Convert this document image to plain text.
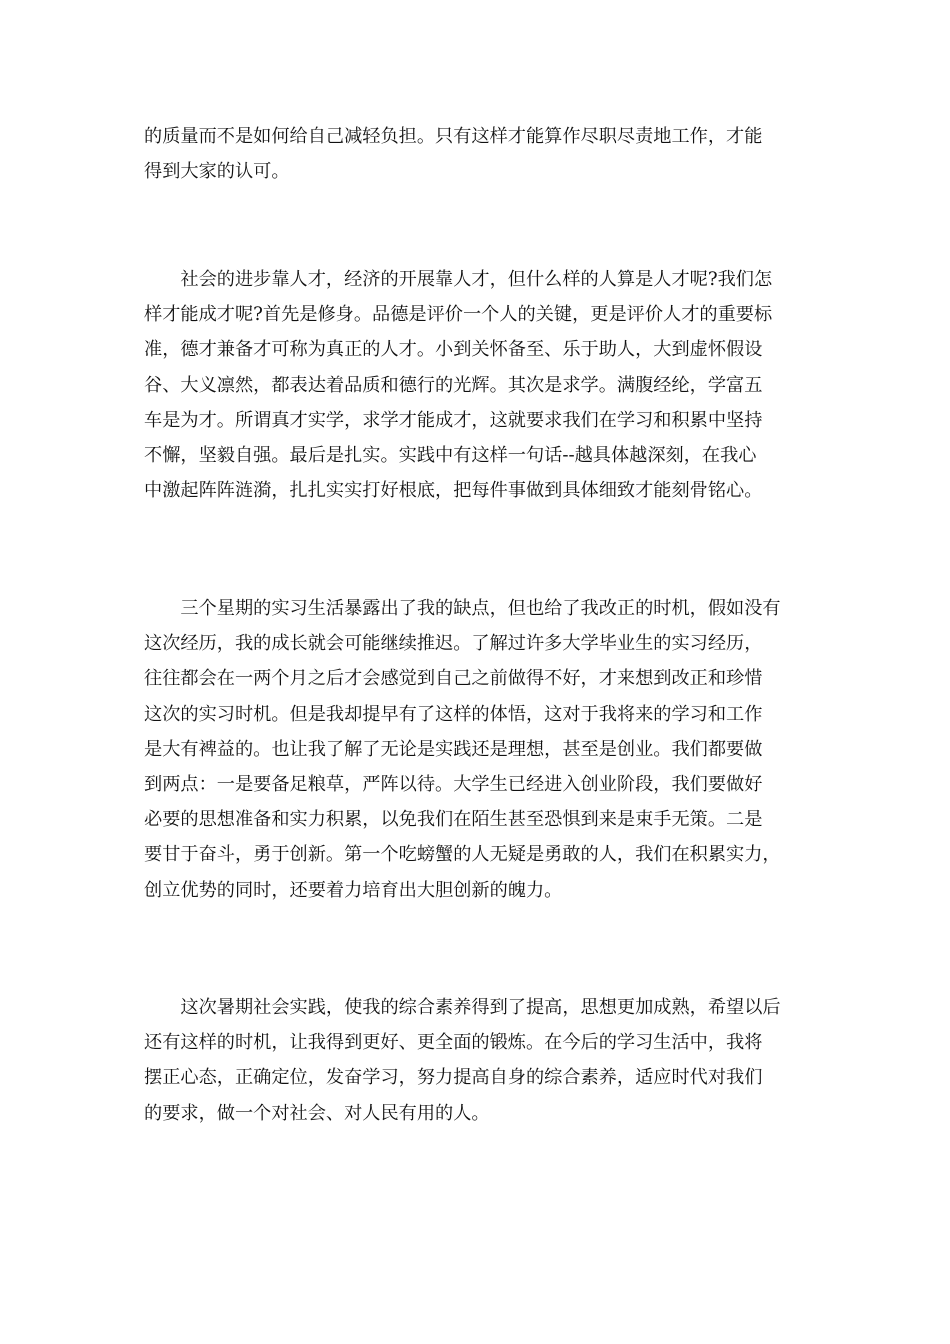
的质量而不是如何给自己减轻负担。只有这样才能算作尽职尽责地工作，才能
得到大家的认可。

　　社会的进步靠人才，经济的开展靠人才，但什么样的人算是人才呢?我们怎
样才能成才呢?首先是修身。品德是评价一个人的关键，更是评价人才的重要标
准，德才兼备才可称为真正的人才。小到关怀备至、乐于助人，大到虚怀假设
谷、大义凛然，都表达着品质和德行的光辉。其次是求学。满腹经纶，学富五
车是为才。所谓真才实学，求学才能成才，这就要求我们在学习和积累中坚持
不懈，坚毅自强。最后是扎实。实践中有这样一句话--越具体越深刻，在我心
中激起阵阵涟漪，扎扎实实打好根底，把每件事做到具体细致才能刻骨铭心。

　　三个星期的实习生活暴露出了我的缺点，但也给了我改正的时机，假如没有
这次经历，我的成长就会可能继续推迟。了解过许多大学毕业生的实习经历，
往往都会在一两个月之后才会感觉到自己之前做得不好，才来想到改正和珍惜
这次的实习时机。但是我却提早有了这样的体悟，这对于我将来的学习和工作
是大有裨益的。也让我了解了无论是实践还是理想，甚至是创业。我们都要做
到两点：一是要备足粮草，严阵以待。大学生已经进入创业阶段，我们要做好
必要的思想准备和实力积累，以免我们在陌生甚至恐惧到来是束手无策。二是
要甘于奋斗，勇于创新。第一个吃螃蟹的人无疑是勇敢的人，我们在积累实力，
创立优势的同时，还要着力培育出大胆创新的魄力。

　　这次暑期社会实践，使我的综合素养得到了提高，思想更加成熟，希望以后
还有这样的时机，让我得到更好、更全面的锻炼。在今后的学习生活中，我将
摆正心态，正确定位，发奋学习，努力提高自身的综合素养，适应时代对我们
的要求，做一个对社会、对人民有用的人。
